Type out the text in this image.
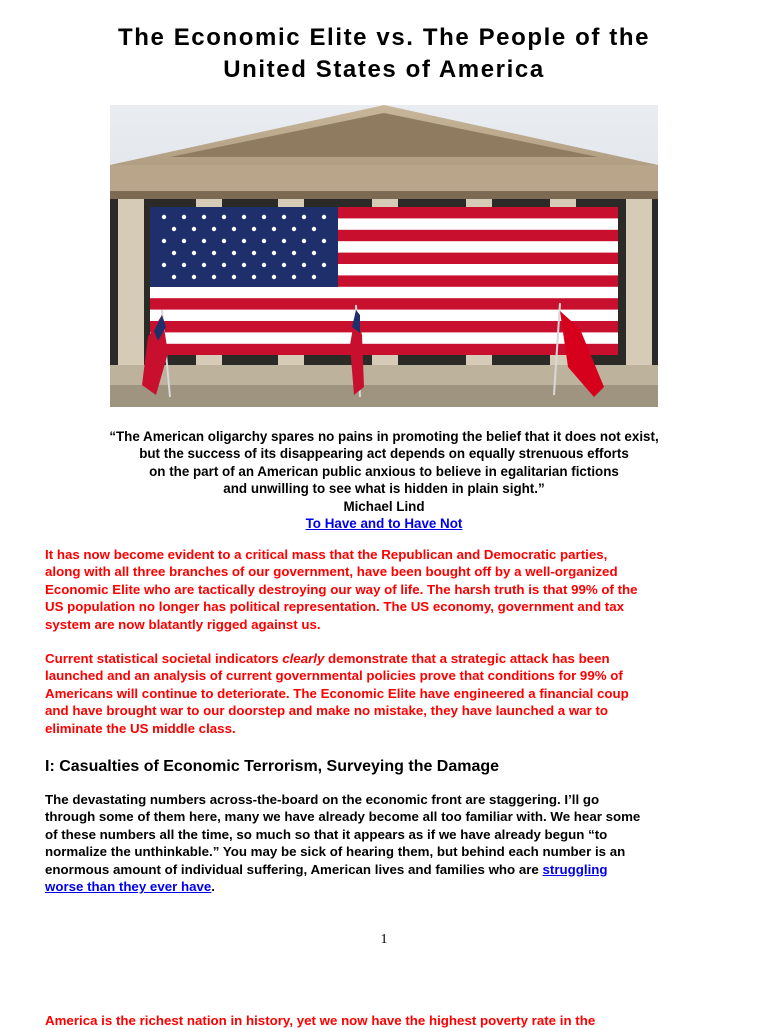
The Economic Elite vs. The People of the
United States of America
“The American oligarchy spares no pains in promoting the belief that it does not exist,
but the success of its disappearing act depends on equally strenuous efforts
on the part of an American public anxious to believe in egalitarian fictions
and unwilling to see what is hidden in plain sight.”
Michael Lind
To Have and to Have Not
It has now become evident to a critical mass that the Republican and Democratic parties,
along with all three branches of our government, have been bought off by a well-organized
Economic Elite who are tactically destroying our way of life. The harsh truth is that 99% of the
US population no longer has political representation. The US economy, government and tax
system are now blatantly rigged against us.
Current statistical societal indicators clearly demonstrate that a strategic attack has been
launched and an analysis of current governmental policies prove that conditions for 99% of
Americans will continue to deteriorate. The Economic Elite have engineered a financial coup
and have brought war to our doorstep and make no mistake, they have launched a war to
eliminate the US middle class.
I: Casualties of Economic Terrorism, Surveying the Damage
The devastating numbers across-the-board on the economic front are staggering. I’ll go
through some of them here, many we have already become all too familiar with. We hear some
of these numbers all the time, so much so that it appears as if we have already begun “to
normalize the unthinkable.” You may be sick of hearing them, but behind each number is an
enormous amount of individual suffering, American lives and families who are struggling
worse than they ever have.
1
America is the richest nation in history, yet we now have the highest poverty rate in the
